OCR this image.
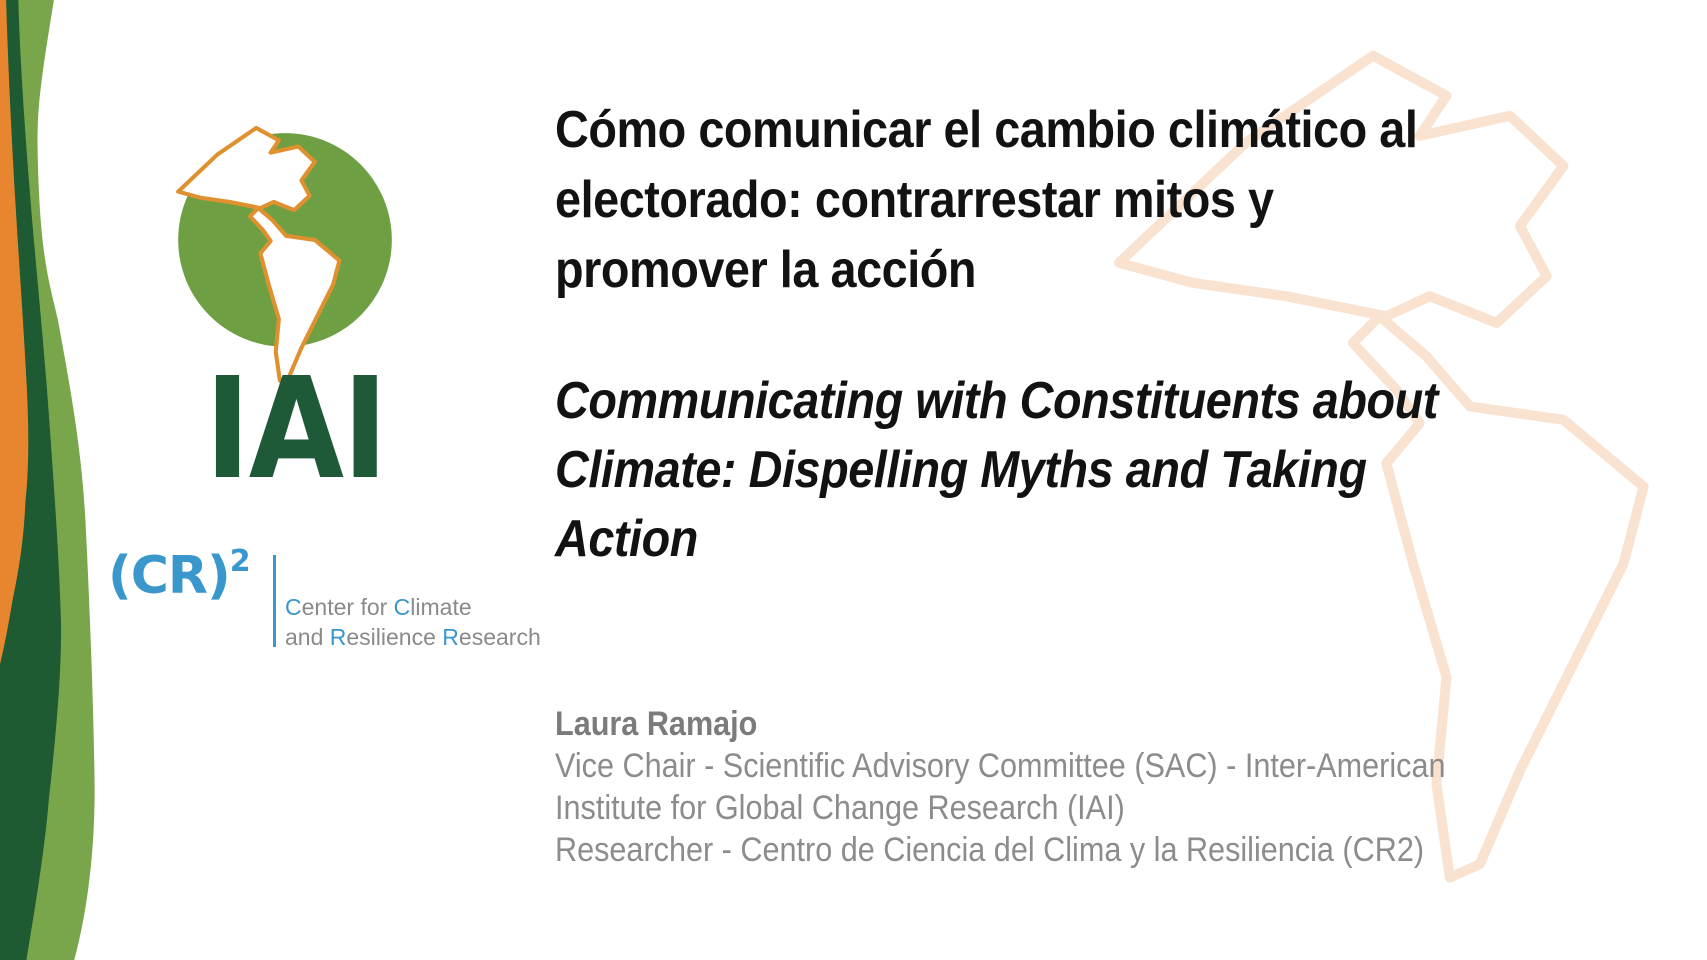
IAI
(CR)$^2$
Center for Climate
and Resilience Research
Cómo comunicar el cambio climático al
electorado: contrarrestar mitos y
promover la acción
Communicating with Constituents about
Climate: Dispelling Myths and Taking
Action
Laura Ramajo
Vice Chair - Scientific Advisory Committee (SAC) - Inter-American
Institute for Global Change Research (IAI)
Researcher - Centro de Ciencia del Clima y la Resiliencia (CR2)
